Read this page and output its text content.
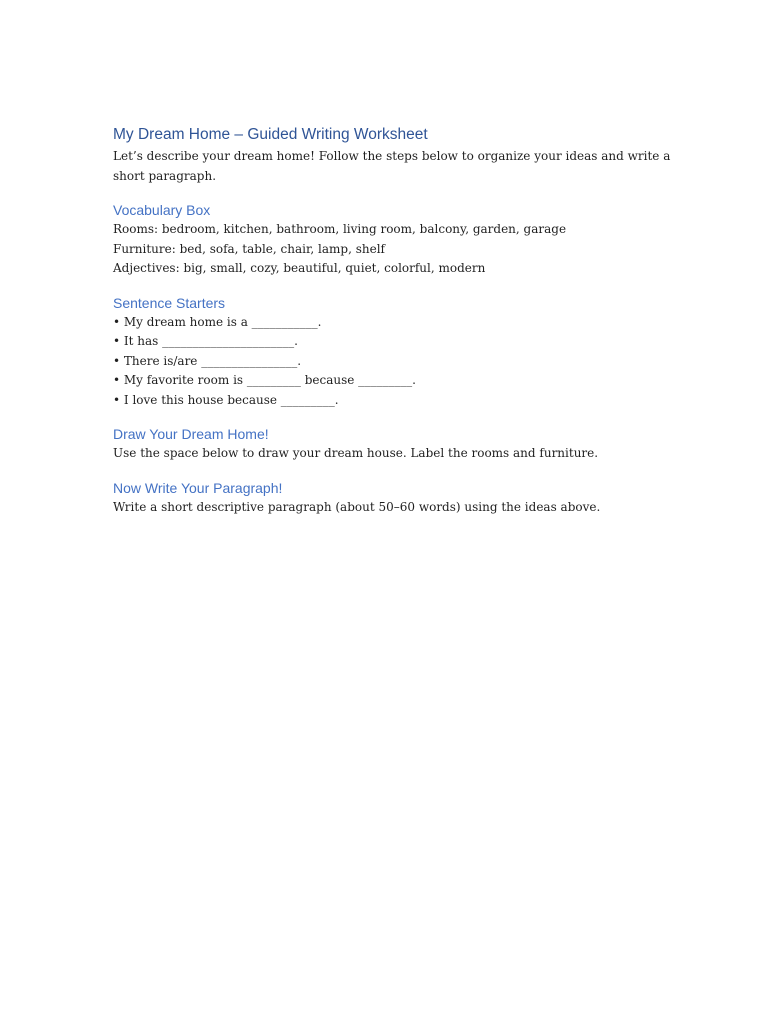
My Dream Home – Guided Writing Worksheet

Let’s describe your dream home! Follow the steps below to organize your ideas and write a short paragraph.

Vocabulary Box

Rooms: bedroom, kitchen, bathroom, living room, balcony, garden, garage
Furniture: bed, sofa, table, chair, lamp, shelf
Adjectives: big, small, cozy, beautiful, quiet, colorful, modern

Sentence Starters

• My dream home is a ___________.
• It has ______________________.
• There is/are ________________.
• My favorite room is _________ because _________.
• I love this house because _________.

Draw Your Dream Home!

Use the space below to draw your dream house. Label the rooms and furniture.

Now Write Your Paragraph!

Write a short descriptive paragraph (about 50–60 words) using the ideas above.
